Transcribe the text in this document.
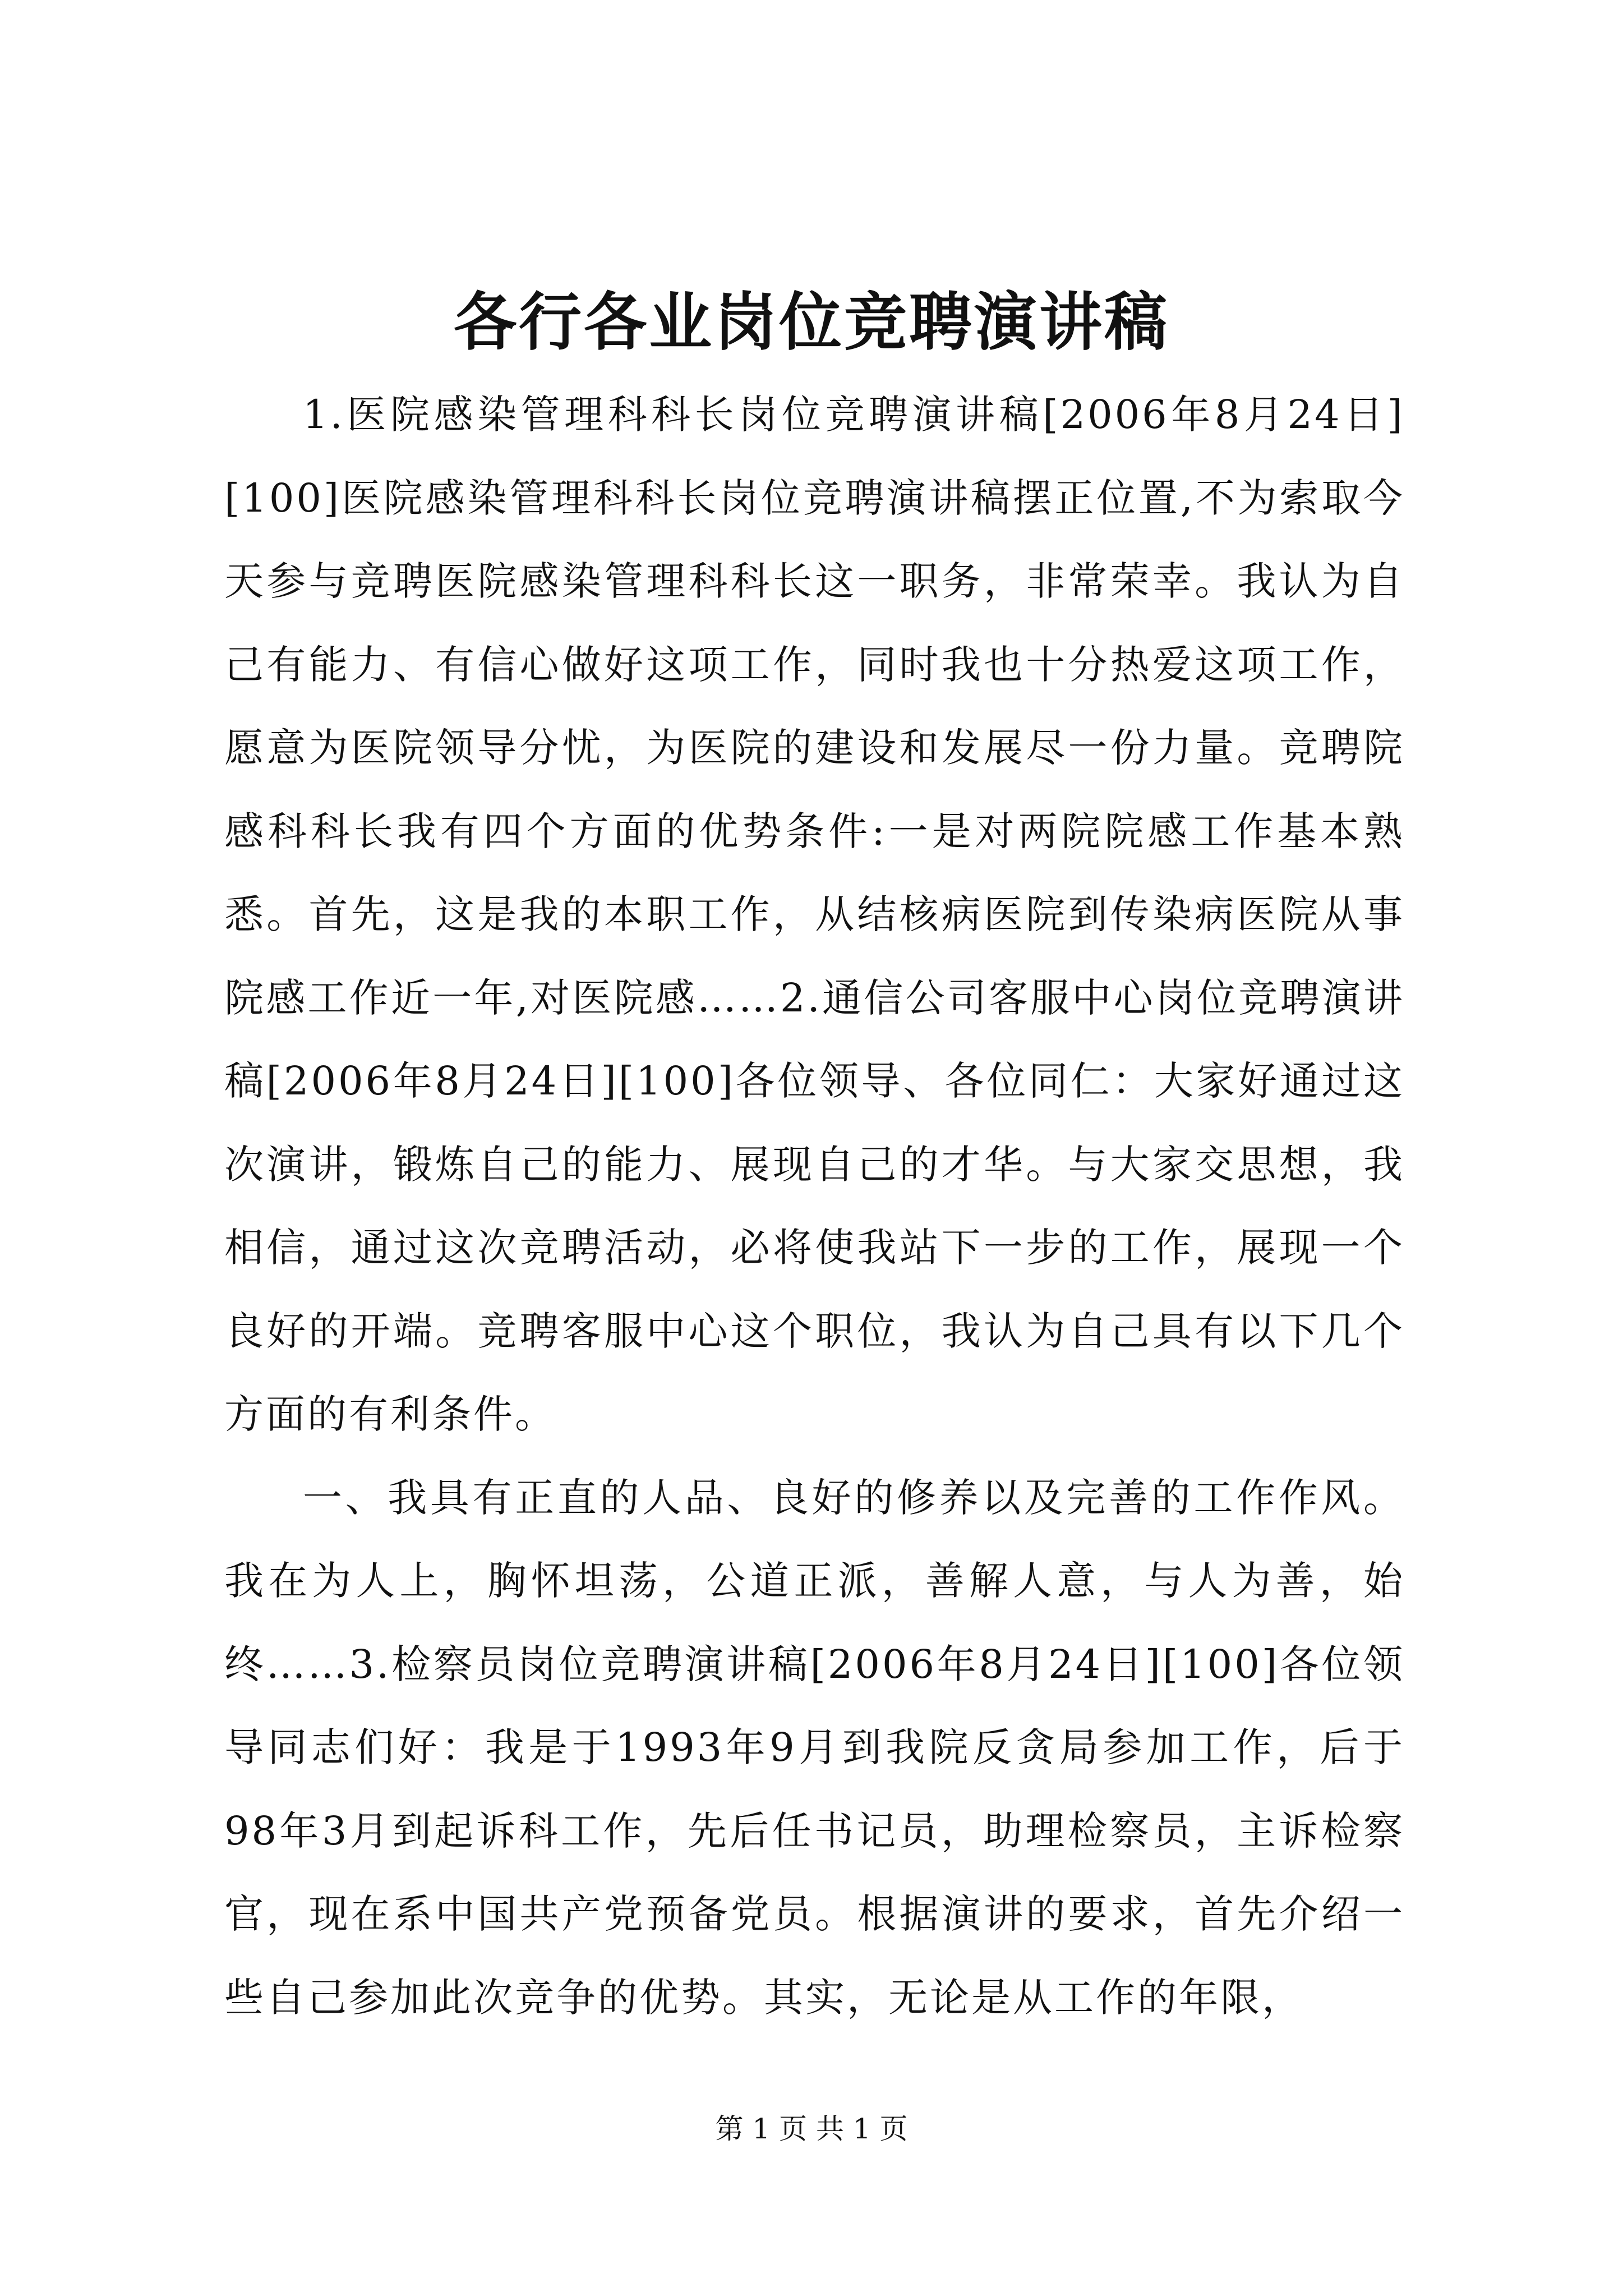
各行各业岗位竞聘演讲稿

1.医院感染管理科科长岗位竞聘演讲稿[2006年8月24日][100]医院感染管理科科长岗位竞聘演讲稿摆正位置,不为索取今天参与竞聘医院感染管理科科长这一职务，非常荣幸。我认为自己有能力、有信心做好这项工作，同时我也十分热爱这项工作，愿意为医院领导分忧，为医院的建设和发展尽一份力量。竞聘院感科科长我有四个方面的优势条件:一是对两院院感工作基本熟悉。首先，这是我的本职工作，从结核病医院到传染病医院从事院感工作近一年,对医院感……2.通信公司客服中心岗位竞聘演讲稿[2006年8月24日][100]各位领导、各位同仁：大家好通过这次演讲，锻炼自己的能力、展现自己的才华。与大家交思想，我相信，通过这次竞聘活动，必将使我站下一步的工作，展现一个良好的开端。竞聘客服中心这个职位，我认为自己具有以下几个方面的有利条件。

一、我具有正直的人品、良好的修养以及完善的工作作风。我在为人上，胸怀坦荡，公道正派，善解人意，与人为善，始终……3.检察员岗位竞聘演讲稿[2006年8月24日][100]各位领导同志们好：我是于1993年9月到我院反贪局参加工作，后于98年3月到起诉科工作，先后任书记员，助理检察员，主诉检察官，现在系中国共产党预备党员。根据演讲的要求，首先介绍一些自己参加此次竞争的优势。其实，无论是从工作的年限，

第 1 页 共 1 页
